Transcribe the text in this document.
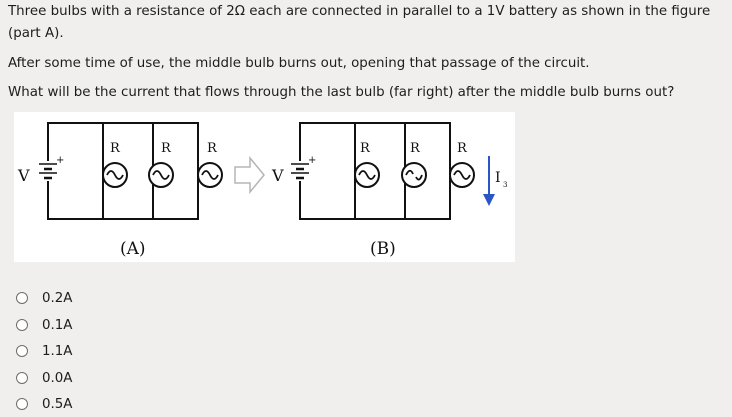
Three bulbs with a resistance of 2Ω each are connected in parallel to a 1V battery as shown in the figure (part A).

After some time of use, the middle bulb burns out, opening that passage of the circuit.

What will be the current that flows through the last bulb (far right) after the middle bulb burns out?

V
+
V
+
R	R	R	R	R	R
I 3
(A)	(B)
0.2A
0.1A
1.1A
0.0A
0.5A
